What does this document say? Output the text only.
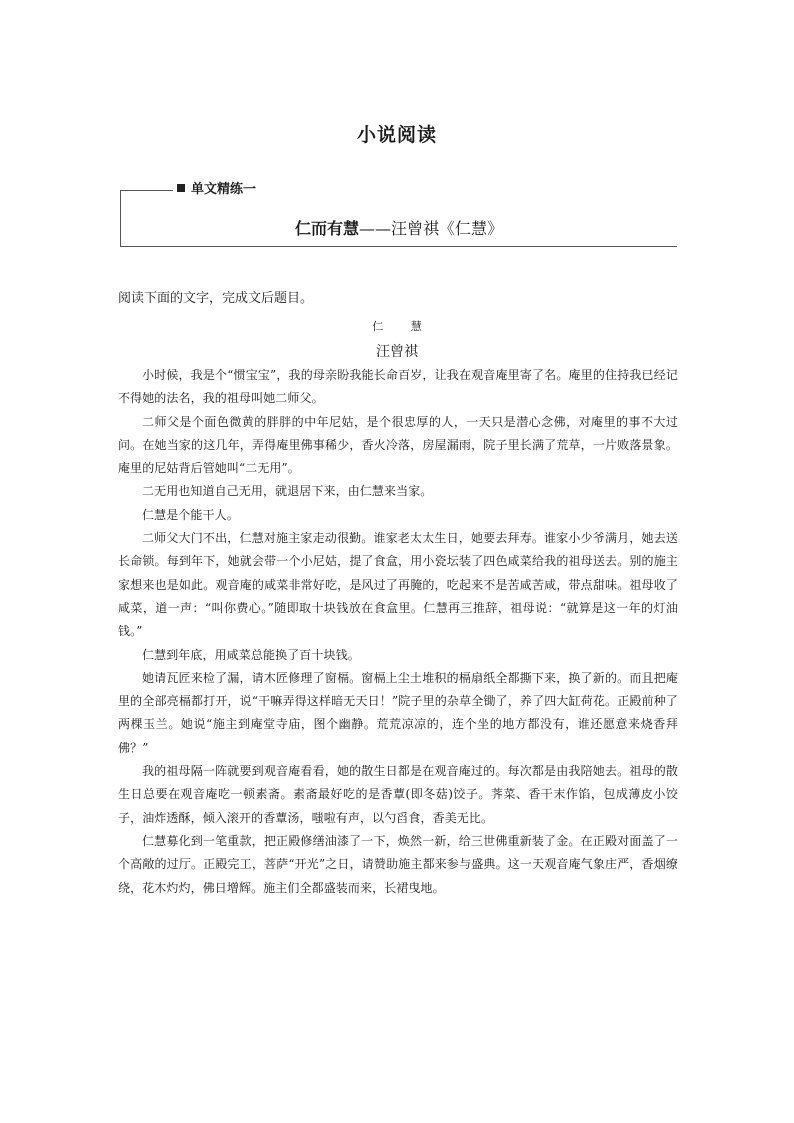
小说阅读
单文精练一
仁而有慧——汪曾祺《仁慧》
阅读下面的文字，完成文后题目。
仁 慧
汪曾祺

小时候，我是个“惯宝宝”，我的母亲盼我能长命百岁，让我在观音庵里寄了名。庵里的住持我已经记不得她的法名，我的祖母叫她二师父。

二师父是个面色微黄的胖胖的中年尼姑，是个很忠厚的人，一天只是潜心念佛，对庵里的事不大过问。在她当家的这几年，弄得庵里佛事稀少，香火冷落，房屋漏雨，院子里长满了荒草，一片败落景象。庵里的尼姑背后管她叫“二无用”。

二无用也知道自己无用，就退居下来，由仁慧来当家。

仁慧是个能干人。

二师父大门不出，仁慧对施主家走动很勤。谁家老太太生日，她要去拜寿。谁家小少爷满月，她去送长命锁。每到年下，她就会带一个小尼姑，提了食盒，用小瓷坛装了四色咸菜给我的祖母送去。别的施主家想来也是如此。观音庵的咸菜非常好吃，是风过了再腌的，吃起来不是苦咸苦咸，带点甜味。祖母收了咸菜，道一声：“叫你费心。”随即取十块钱放在食盒里。仁慧再三推辞，祖母说：“就算是这一年的灯油钱。”

仁慧到年底，用咸菜总能换了百十块钱。

她请瓦匠来检了漏，请木匠修理了窗槅。窗槅上尘土堆积的槅扇纸全都撕下来，换了新的。而且把庵里的全部亮槅都打开，说“干嘛弄得这样暗无天日！”院子里的杂草全锄了，养了四大缸荷花。正殿前种了两棵玉兰。她说“施主到庵堂寺庙，图个幽静。荒荒凉凉的，连个坐的地方都没有，谁还愿意来烧香拜佛？”

我的祖母隔一阵就要到观音庵看看，她的散生日都是在观音庵过的。每次都是由我陪她去。祖母的散生日总要在观音庵吃一顿素斋。素斋最好吃的是香蕈(即冬菇)饺子。荠菜、香干末作馅，包成薄皮小饺子，油炸透酥，倾入滚开的香蕈汤，嗤啦有声，以勺舀食，香美无比。

仁慧募化到一笔重款，把正殿修缮油漆了一下，焕然一新，给三世佛重新装了金。在正殿对面盖了一个高敞的过厅。正殿完工，菩萨“开光”之日，请赞助施主都来参与盛典。这一天观音庵气象庄严，香烟缭绕，花木灼灼，佛日增辉。施主们全都盛装而来，长裙曳地。
